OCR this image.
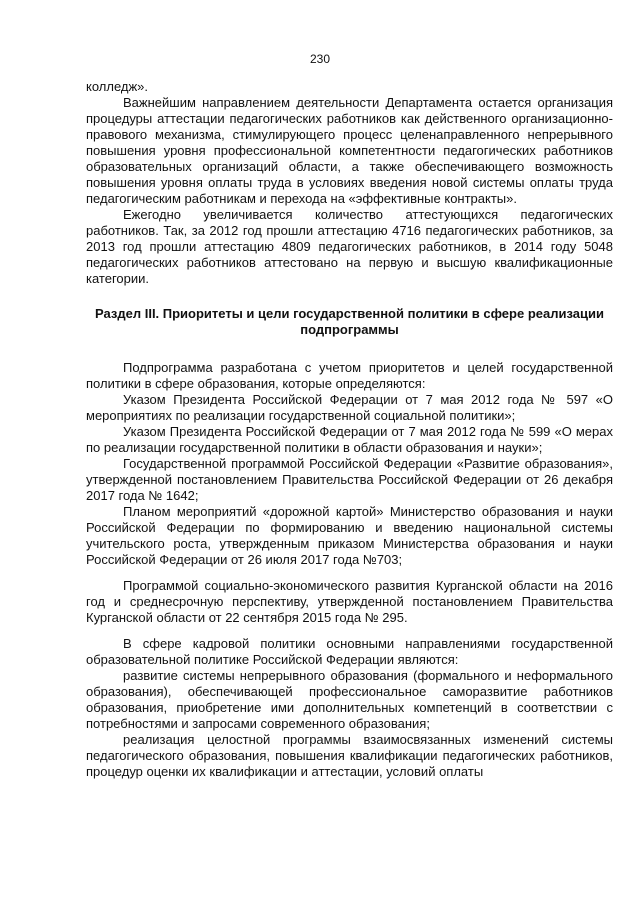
230

колледж».

Важнейшим направлением деятельности Департамента остается организация процедуры аттестации педагогических работников как действенного организационно-правового механизма, стимулирующего процесс целенаправленного непрерывного повышения уровня профессиональной компетентности педагогических работников образовательных организаций области, а также обеспечивающего возможность повышения уровня оплаты труда в условиях введения новой системы оплаты труда педагогическим работникам и перехода на «эффективные контракты».

Ежегодно увеличивается количество аттестующихся педагогических работников. Так, за 2012 год прошли аттестацию 4716 педагогических работников, за 2013 год прошли аттестацию 4809 педагогических работников, в 2014 году 5048 педагогических работников аттестовано на первую и высшую квалификационные категории.

Раздел III. Приоритеты и цели государственной политики в сфере реализации
подпрограммы

Подпрограмма разработана с учетом приоритетов и целей государственной политики в сфере образования, которые определяются:

Указом Президента Российской Федерации от 7 мая 2012 года № 597 «О мероприятиях по реализации государственной социальной политики»;

Указом Президента Российской Федерации от 7 мая 2012 года № 599 «О мерах по реализации государственной политики в области образования и науки»;

Государственной программой Российской Федерации «Развитие образования», утвержденной постановлением Правительства Российской Федерации от 26 декабря 2017 года № 1642;

Планом мероприятий «дорожной картой» Министерство образования и науки Российской Федерации по формированию и введению национальной системы учительского роста, утвержденным приказом Министерства образования и науки Российской Федерации от 26 июля 2017 года №703;

Программой социально-экономического развития Курганской области на 2016 год и среднесрочную перспективу, утвержденной постановлением Правительства Курганской области от 22 сентября 2015 года № 295.

В сфере кадровой политики основными направлениями государственной образовательной политике Российской Федерации являются:

развитие системы непрерывного образования (формального и неформального образования), обеспечивающей профессиональное саморазвитие работников образования, приобретение ими дополнительных компетенций в соответствии с потребностями и запросами современного образования;

реализация целостной программы взаимосвязанных изменений системы педагогического образования, повышения квалификации педагогических работников, процедур оценки их квалификации и аттестации, условий оплаты
